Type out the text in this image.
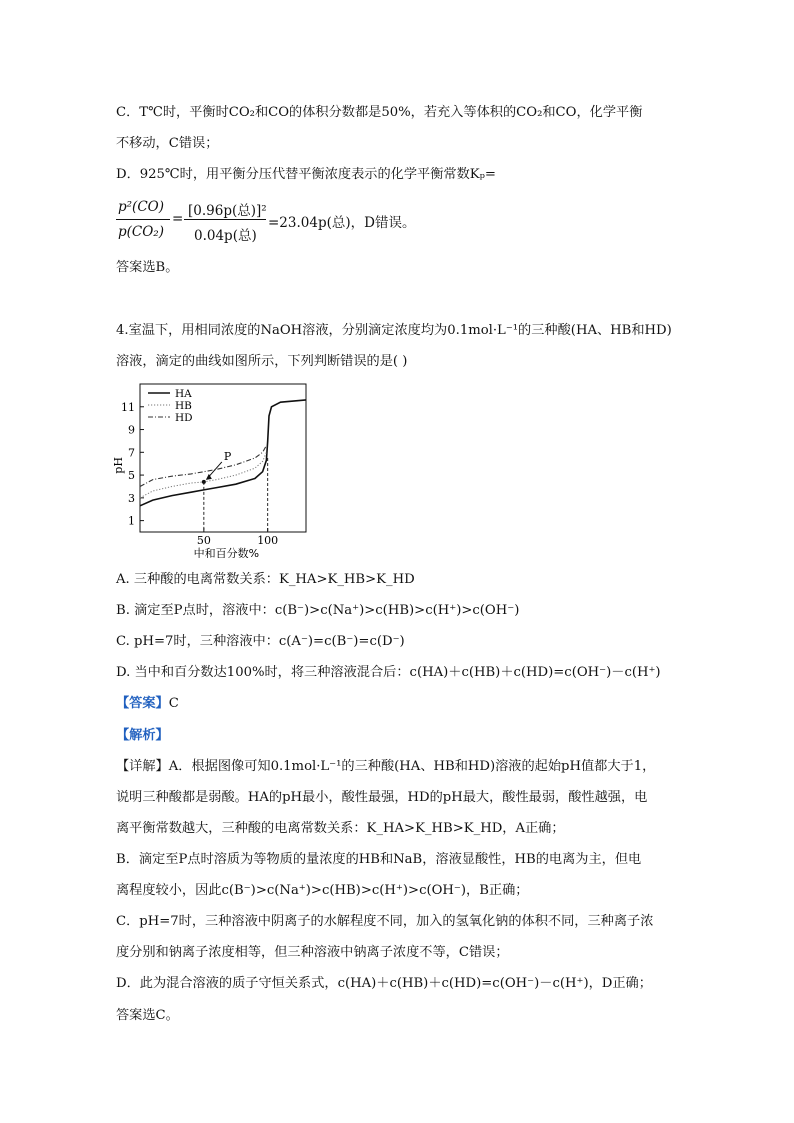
C．T℃时，平衡时CO₂和CO的体积分数都是50%，若充入等体积的CO₂和CO，化学平衡
不移动，C错误；
D．925℃时，用平衡分压代替平衡浓度表示的化学平衡常数Kₚ=
p²(CO)
p(CO₂)
= [0.96p(总)]²
0.04p(总)
=23.04p(总)，D错误。
答案选B。
4.室温下，用相同浓度的NaOH溶液，分别滴定浓度均为0.1mol·L⁻¹的三种酸(HA、HB和HD)
溶液，滴定的曲线如图所示，下列判断错误的是( )
1
3
5
7
9
11
50	100
中和百分数%
pH
HA
HB
HD
P
A. 三种酸的电离常数关系：K_HA>K_HB>K_HD
B. 滴定至P点时，溶液中：c(B⁻)>c(Na⁺)>c(HB)>c(H⁺)>c(OH⁻)
C. pH=7时，三种溶液中：c(A⁻)=c(B⁻)=c(D⁻)
D. 当中和百分数达100%时，将三种溶液混合后：c(HA)＋c(HB)＋c(HD)=c(OH⁻)－c(H⁺)
【答案】C
【解析】
【详解】A．根据图像可知0.1mol·L⁻¹的三种酸(HA、HB和HD)溶液的起始pH值都大于1，
说明三种酸都是弱酸。HA的pH最小，酸性最强，HD的pH最大，酸性最弱，酸性越强，电
离平衡常数越大，三种酸的电离常数关系：K_HA>K_HB>K_HD，A正确；
B．滴定至P点时溶质为等物质的量浓度的HB和NaB，溶液显酸性，HB的电离为主，但电
离程度较小，因此c(B⁻)>c(Na⁺)>c(HB)>c(H⁺)>c(OH⁻)，B正确；
C．pH=7时，三种溶液中阴离子的水解程度不同，加入的氢氧化钠的体积不同，三种离子浓
度分别和钠离子浓度相等，但三种溶液中钠离子浓度不等，C错误；
D．此为混合溶液的质子守恒关系式，c(HA)＋c(HB)＋c(HD)=c(OH⁻)－c(H⁺)，D正确；
答案选C。
